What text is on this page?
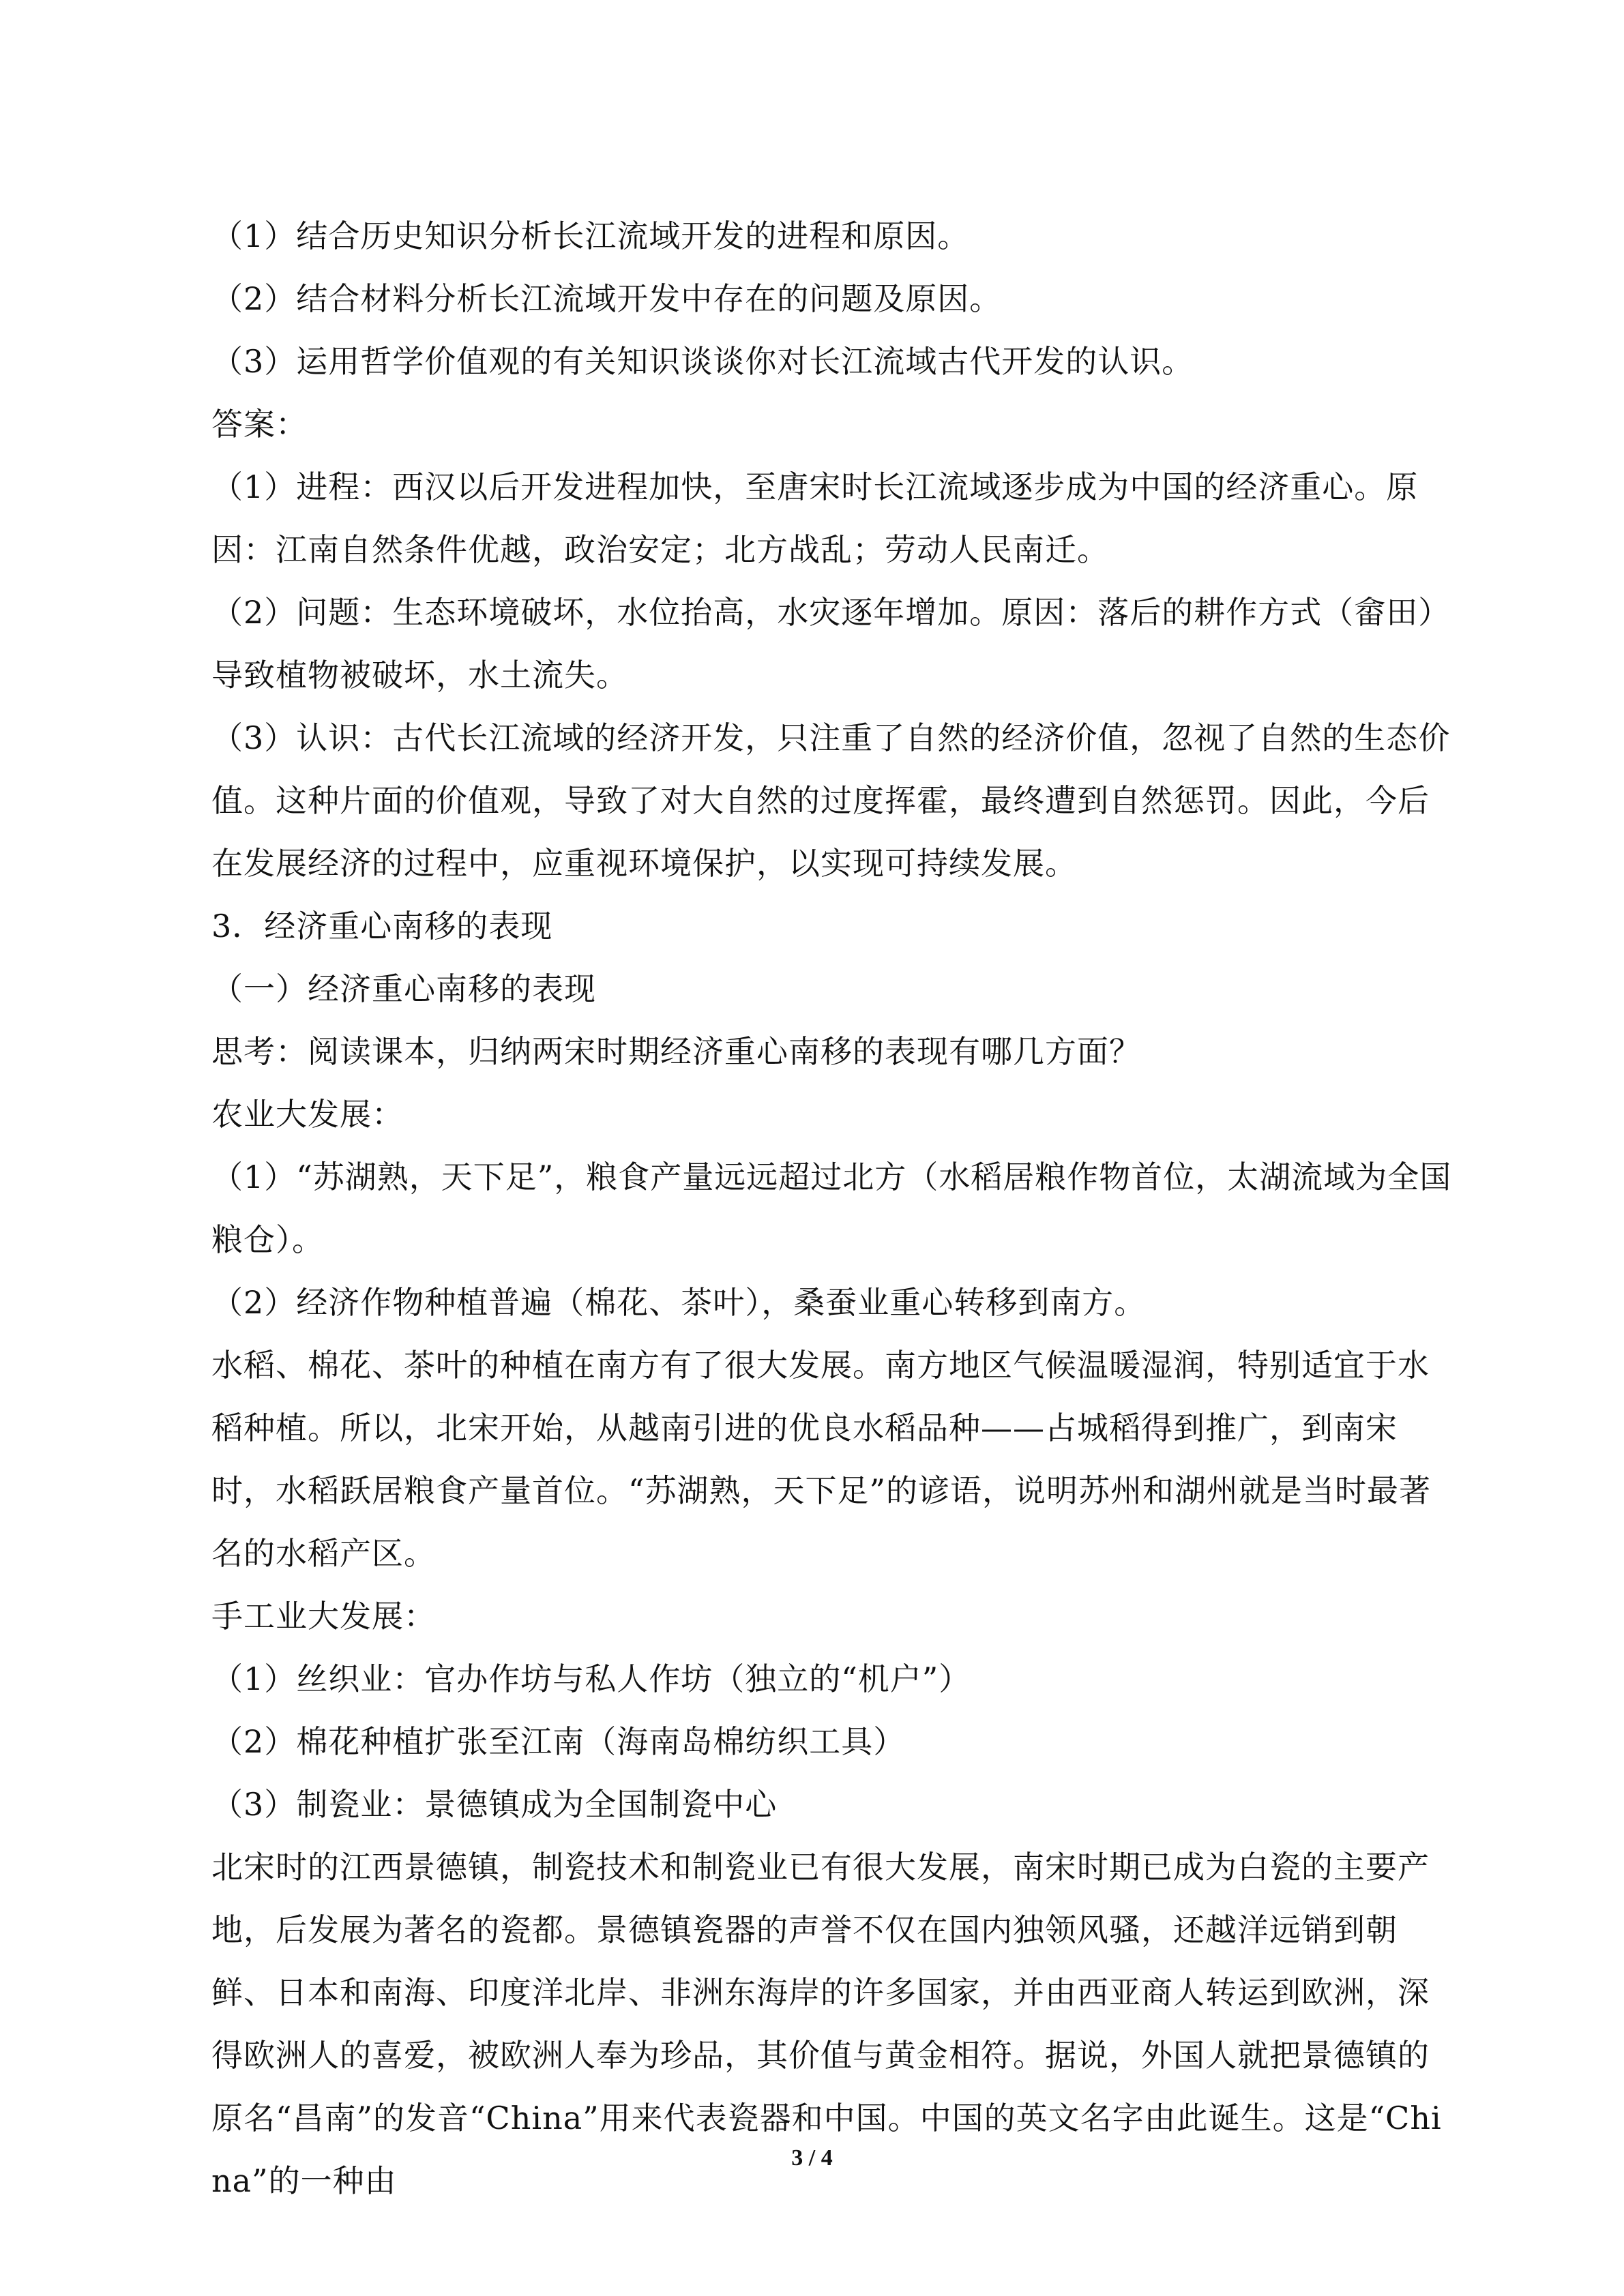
（1）结合历史知识分析长江流域开发的进程和原因。

（2）结合材料分析长江流域开发中存在的问题及原因。

（3）运用哲学价值观的有关知识谈谈你对长江流域古代开发的认识。

答案：

（1）进程：西汉以后开发进程加快，至唐宋时长江流域逐步成为中国的经济重心。原因：江南自然条件优越，政治安定；北方战乱；劳动人民南迁。

（2）问题：生态环境破坏，水位抬高，水灾逐年增加。原因：落后的耕作方式（畲田）导致植物被破坏，水土流失。

（3）认识：古代长江流域的经济开发，只注重了自然的经济价值，忽视了自然的生态价值。这种片面的价值观，导致了对大自然的过度挥霍，最终遭到自然惩罚。因此，今后在发展经济的过程中，应重视环境保护，以实现可持续发展。

3．经济重心南移的表现

（一）经济重心南移的表现

思考：阅读课本，归纳两宋时期经济重心南移的表现有哪几方面？

农业大发展：

（1）“苏湖熟，天下足”，粮食产量远远超过北方（水稻居粮作物首位，太湖流域为全国粮仓）。

（2）经济作物种植普遍（棉花、茶叶），桑蚕业重心转移到南方。

水稻、棉花、茶叶的种植在南方有了很大发展。南方地区气候温暖湿润，特别适宜于水稻种植。所以，北宋开始，从越南引进的优良水稻品种——占城稻得到推广，到南宋时，水稻跃居粮食产量首位。“苏湖熟，天下足”的谚语，说明苏州和湖州就是当时最著名的水稻产区。

手工业大发展：

（1）丝织业：官办作坊与私人作坊（独立的“机户”）

（2）棉花种植扩张至江南（海南岛棉纺织工具）

（3）制瓷业：景德镇成为全国制瓷中心

北宋时的江西景德镇，制瓷技术和制瓷业已有很大发展，南宋时期已成为白瓷的主要产地，后发展为著名的瓷都。景德镇瓷器的声誉不仅在国内独领风骚，还越洋远销到朝鲜、日本和南海、印度洋北岸、非洲东海岸的许多国家，并由西亚商人转运到欧洲，深得欧洲人的喜爱，被欧洲人奉为珍品，其价值与黄金相符。据说，外国人就把景德镇的原名“昌南”的发音“China”用来代表瓷器和中国。中国的英文名字由此诞生。这是“China”的一种由

3 / 4
